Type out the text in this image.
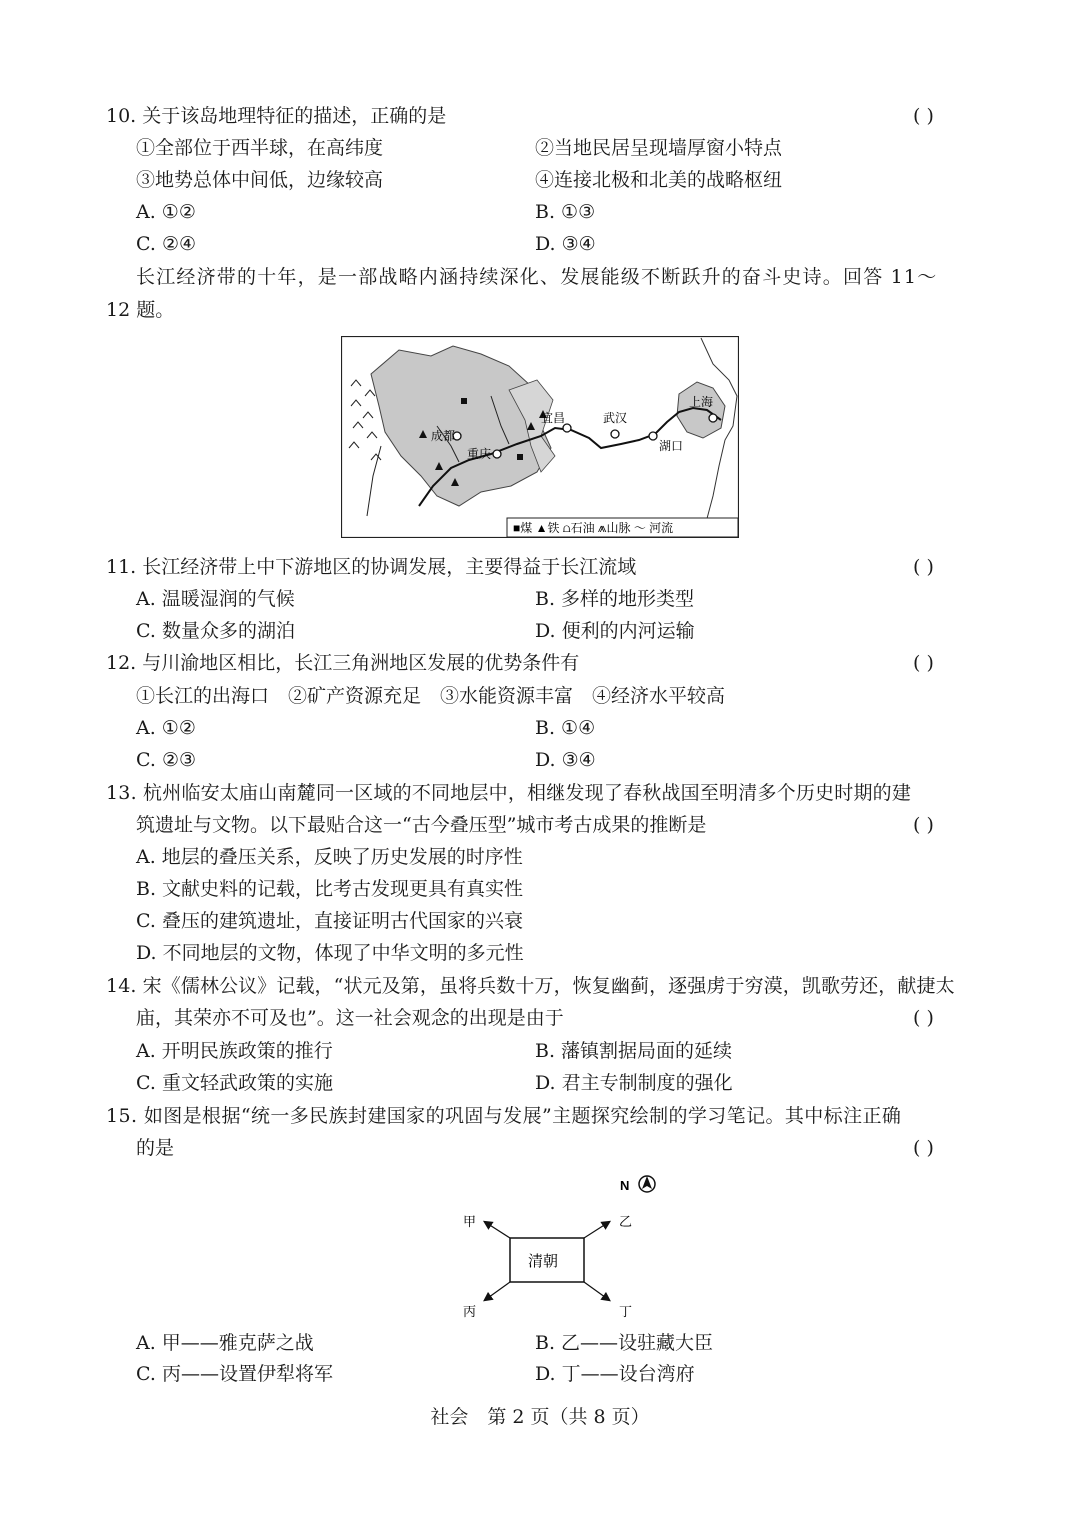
10. 关于该岛地理特征的描述，正确的是	( )
①全部位于西半球，在高纬度	②当地民居呈现墙厚窗小特点
③地势总体中间低，边缘较高	④连接北极和北美的战略枢纽
A. ①②	B. ①③
C. ②④	D. ③④
长江经济带的十年，是一部战略内涵持续深化、发展能级不断跃升的奋斗史诗。回答 11～
12 题。
成都
重庆
宜昌	武汉
湖口
上海
■煤 ▲铁 ⩍石油 ⩕山脉 〜 河流
11. 长江经济带上中下游地区的协调发展，主要得益于长江流域	( )
A. 温暖湿润的气候	B. 多样的地形类型
C. 数量众多的湖泊	D. 便利的内河运输
12. 与川渝地区相比，长江三角洲地区发展的优势条件有	( )
①长江的出海口　②矿产资源充足　③水能资源丰富　④经济水平较高
A. ①②	B. ①④
C. ②③	D. ③④
13. 杭州临安太庙山南麓同一区域的不同地层中，相继发现了春秋战国至明清多个历史时期的建
筑遗址与文物。以下最贴合这一“古今叠压型”城市考古成果的推断是	( )
A. 地层的叠压关系，反映了历史发展的时序性
B. 文献史料的记载，比考古发现更具有真实性
C. 叠压的建筑遗址，直接证明古代国家的兴衰
D. 不同地层的文物，体现了中华文明的多元性
14. 宋《儒林公议》记载，“状元及第，虽将兵数十万，恢复幽蓟，逐强虏于穷漠，凯歌劳还，献捷太
庙，其荣亦不可及也”。这一社会观念的出现是由于	( )
A. 开明民族政策的推行	B. 藩镇割据局面的延续
C. 重文轻武政策的实施	D. 君主专制制度的强化
15. 如图是根据“统一多民族封建国家的巩固与发展”主题探究绘制的学习笔记。其中标注正确
的是	( )
N
清朝
甲	乙
丙	丁
A. 甲——雅克萨之战	B. 乙——设驻藏大臣
C. 丙——设置伊犁将军	D. 丁——设台湾府
社会　第 2 页（共 8 页）
